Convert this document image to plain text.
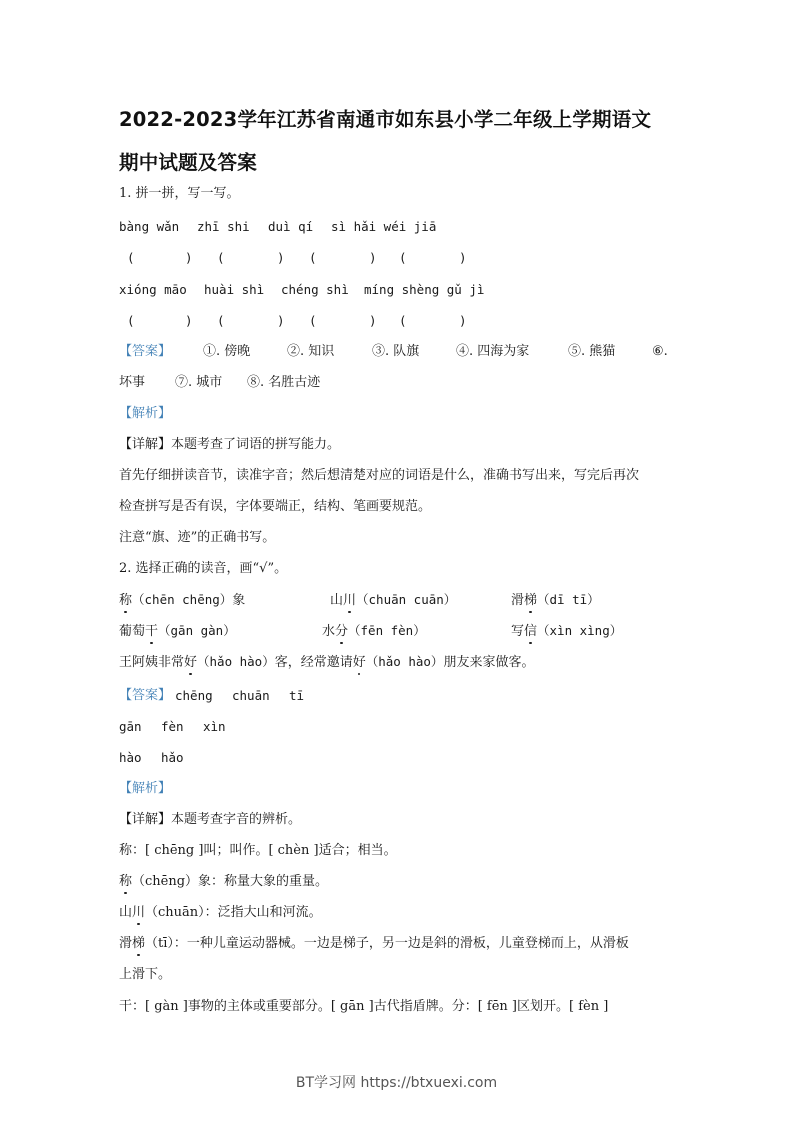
2022-2023学年江苏省南通市如东县小学二年级上学期语文
期中试题及答案
1. 拼一拼，写一写。
bàng wǎn zhī shi duì qí sì hǎi wéi jiā
(	) (	) (	) (	)
xióng māo huài shì chéng shì míng shèng gǔ jì
(	) (	) (	) (	)
【答案】 ①. 傍晚	②. 知识	③. 队旗	④. 四海为家	⑤. 熊猫	⑥.
坏事 ⑦. 城市 ⑧. 名胜古迹
【解析】
【详解】本题考查了词语的拼写能力。
首先仔细拼读音节，读准字音；然后想清楚对应的词语是什么，准确书写出来，写完后再次
检查拼写是否有误，字体要端正，结构、笔画要规范。
注意“旗、迹”的正确书写。
2. 选择正确的读音，画“√”。
称（chēn chēng）象	山川（chuān cuān）	滑梯（dī tī）
葡萄干（gān gàn）	水分（fēn fèn）	写信（xìn xìng）
王阿姨非常好（hǎo hào）客，经常邀请好（hǎo hào）朋友来家做客。
【答案】 chēng chuān tī
gān fèn xìn
hào hǎo
【解析】
【详解】本题考查字音的辨析。
称：[ chēng ]叫；叫作。[ chèn ]适合；相当。
称（chēng）象：称量大象的重量。
山川（chuān）：泛指大山和河流。
滑梯（tī）：一种儿童运动器械。一边是梯子，另一边是斜的滑板，儿童登梯而上，从滑板
上滑下。
干：[ gàn ]事物的主体或重要部分。[ gān ]古代指盾牌。分：[ fēn ]区划开。[ fèn ]
BT学习网 https://btxuexi.com
